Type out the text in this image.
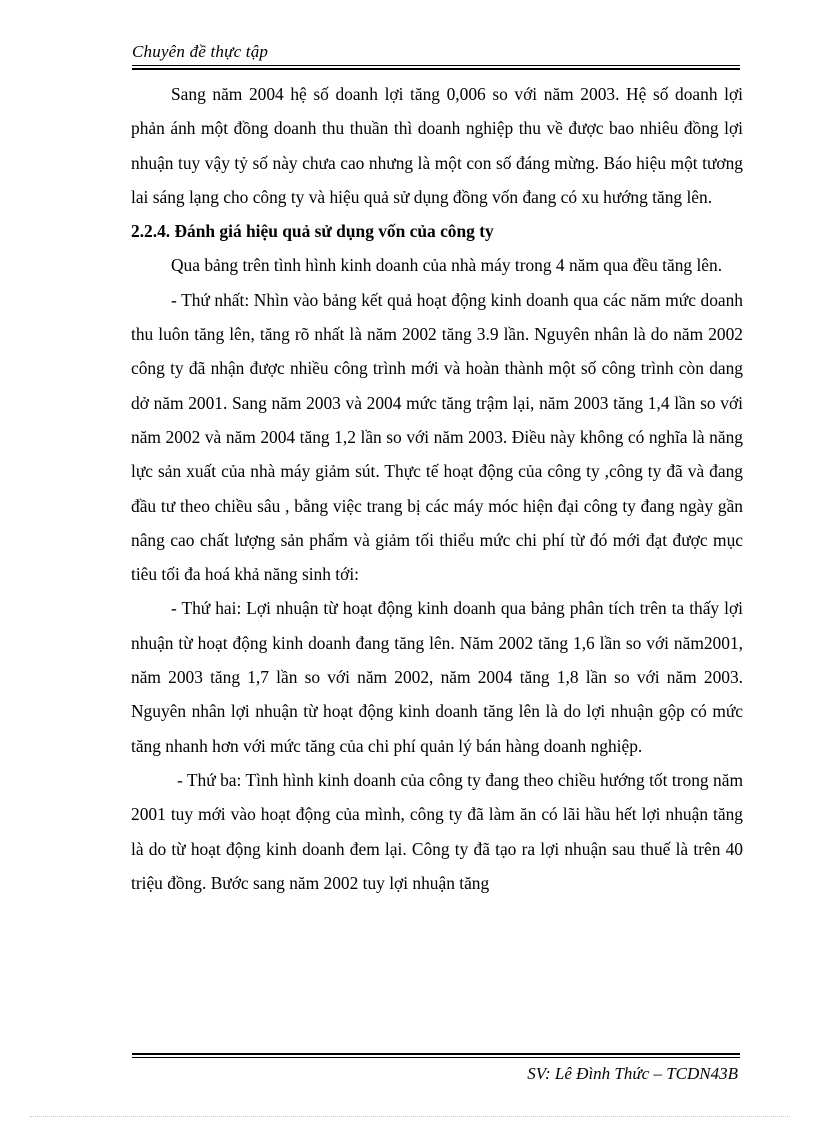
Chuyên đề thực tập

Sang năm 2004 hệ số doanh lợi tăng 0,006 so với năm 2003. Hệ số doanh lợi phản ánh một đồng doanh thu thuần thì doanh nghiệp thu về được bao nhiêu đồng lợi nhuận tuy vậy tỷ số này chưa cao nhưng là một con số đáng mừng. Báo hiệu một tương lai sáng lạng cho công ty và hiệu quả sử dụng đồng vốn đang có xu hướng tăng lên.

2.2.4. Đánh giá hiệu quả sử dụng vốn của công ty

Qua bảng trên tình hình kinh doanh của nhà máy trong 4 năm qua đều tăng lên.

- Thứ nhất: Nhìn vào bảng kết quả hoạt động kinh doanh qua các năm mức doanh thu luôn tăng lên, tăng rõ nhất là năm 2002 tăng 3.9 lần. Nguyên nhân là do năm 2002 công ty đã nhận được nhiều công trình mới và hoàn thành một số công trình còn dang dở năm 2001. Sang năm 2003 và 2004 mức tăng trậm lại, năm 2003 tăng 1,4 lần so với năm 2002 và năm 2004 tăng 1,2 lần so với năm 2003. Điều này không có nghĩa là năng lực sản xuất của nhà máy giảm sút. Thực tế hoạt động của công ty ,công ty đã và đang đầu tư theo chiều sâu , bằng việc trang bị các máy móc hiện đại công ty đang ngày gần nâng cao chất lượng sản phẩm và giảm tối thiểu mức chi phí từ đó mới đạt được mục tiêu tối đa hoá khả năng sinh tới:

- Thứ hai: Lợi nhuận từ hoạt động kinh doanh qua bảng phân tích trên ta thấy lợi nhuận từ hoạt động kinh doanh đang tăng lên. Năm 2002 tăng 1,6 lần so với năm2001, năm 2003 tăng 1,7 lần so với năm 2002, năm 2004 tăng 1,8 lần so với năm 2003. Nguyên nhân lợi nhuận từ hoạt động kinh doanh tăng lên là do lợi nhuận gộp có mức tăng nhanh hơn với mức tăng của chi phí quản lý bán hàng doanh nghiệp.

- Thứ ba: Tình hình kinh doanh của công ty đang theo chiều hướng tốt trong năm 2001 tuy mới vào hoạt động của mình, công ty đã làm ăn có lãi hầu hết lợi nhuận tăng là do từ hoạt động kinh doanh đem lại. Công ty đã tạo ra lợi nhuận sau thuế là trên 40 triệu đồng. Bước sang năm 2002 tuy lợi nhuận tăng

SV: Lê Đình Thức – TCDN43B
